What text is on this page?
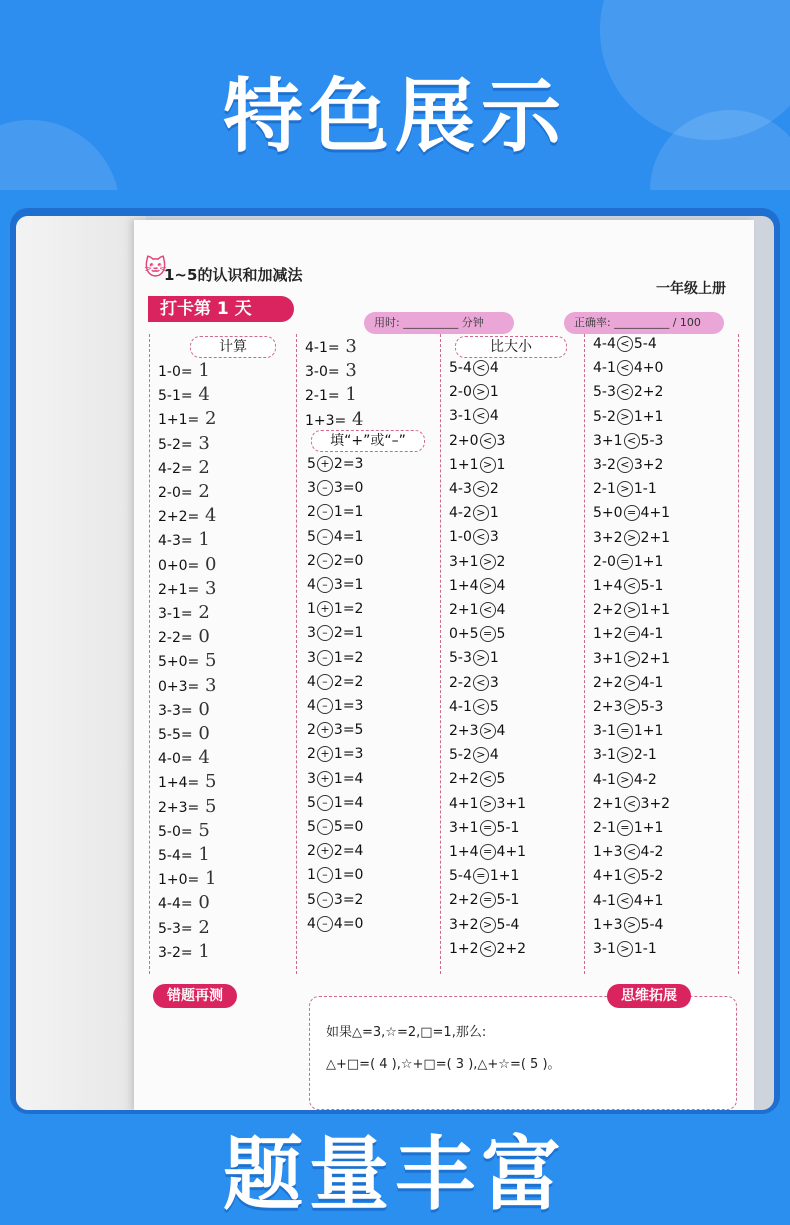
特色展示
🐱
1~5的认识和加减法
一年级上册
打卡第 1 天
用时: __________ 分钟	正确率: __________ / 100
计算
1-0= 1
5-1= 4
1+1= 2
5-2= 3
4-2= 2
2-0= 2
2+2= 4
4-3= 1
0+0= 0
2+1= 3
3-1= 2
2-2= 0
5+0= 5
0+3= 3
3-3= 0
5-5= 0
4-0= 4
1+4= 5
2+3= 5
5-0= 5
5-4= 1
1+0= 1
4-4= 0
5-3= 2
3-2= 1
4-1= 3
3-0= 3
2-1= 1
1+3= 4
填“+”或“–”
5 + 2=3
3 – 3=0
2 – 1=1
5 – 4=1
2 – 2=0
4 – 3=1
1 + 1=2
3 – 2=1
3 – 1=2
4 – 2=2
4 – 1=3
2 + 3=5
2 + 1=3
3 + 1=4
5 – 1=4
5 – 5=0
2 + 2=4
1 – 1=0
5 – 3=2
4 – 4=0
比大小
5-4 < 4
2-0 > 1
3-1 < 4
2+0 < 3
1+1 > 1
4-3 < 2
4-2 > 1
1-0 < 3
3+1 > 2
1+4 > 4
2+1 < 4
0+5 = 5
5-3 > 1
2-2 < 3
4-1 < 5
2+3 > 4
5-2 > 4
2+2 < 5
4+1 > 3+1
3+1 = 5-1
1+4 = 4+1
5-4 = 1+1
2+2 = 5-1
3+2 > 5-4
1+2 < 2+2
4-4 < 5-4
4-1 < 4+0
5-3 < 2+2
5-2 > 1+1
3+1 < 5-3
3-2 < 3+2
2-1 > 1-1
5+0 = 4+1
3+2 > 2+1
2-0 = 1+1
1+4 < 5-1
2+2 > 1+1
1+2 = 4-1
3+1 > 2+1
2+2 > 4-1
2+3 > 5-3
3-1 = 1+1
3-1 > 2-1
4-1 > 4-2
2+1 < 3+2
2-1 = 1+1
1+3 < 4-2
4+1 < 5-2
4-1 < 4+1
1+3 > 5-4
3-1 > 1-1
错题再测
如果△=3,☆=2,□=1,那么:
△+□=( 4 ),☆+□=( 3 ),△+☆=( 5 )。
思维拓展
题量丰富
